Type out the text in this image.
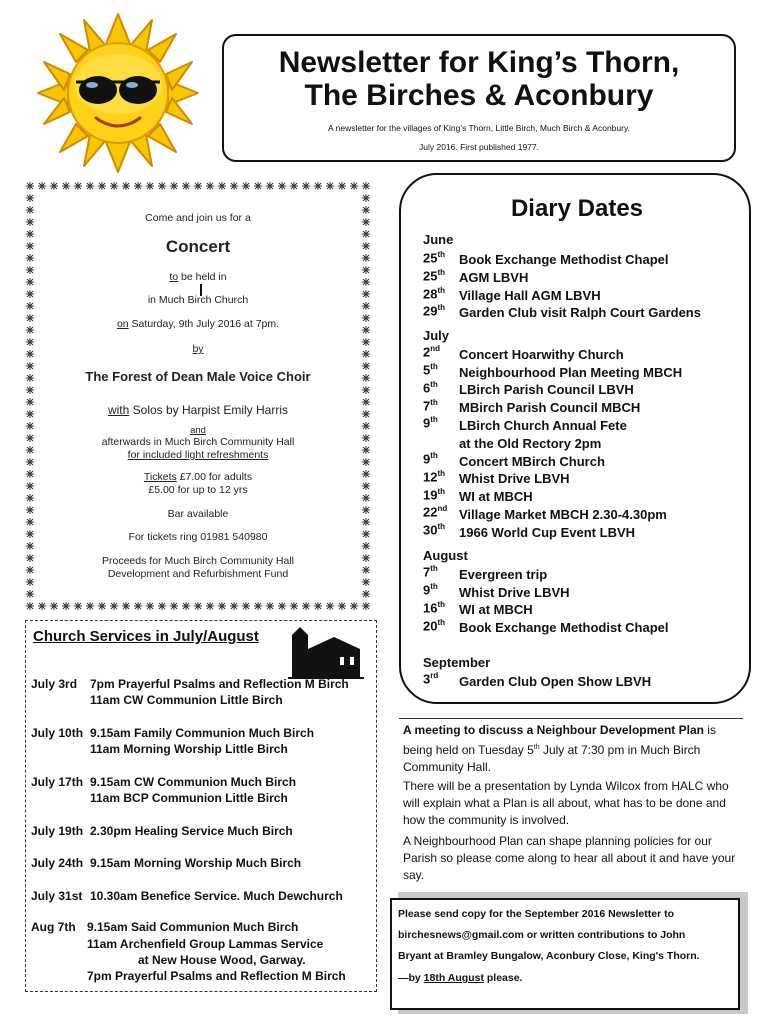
Newsletter for King’s Thorn,
The Birches & Aconbury
A newsletter for the villages of King’s Thorn, Little Birch, Much Birch & Aconbury.
July 2016. First published 1977.
Come and join us for a
Concert
to be held in
in Much Birch Church
on Saturday, 9th July 2016 at 7pm.
by
The Forest of Dean Male Voice Choir
with Solos by Harpist Emily Harris
and
afterwards in Much Birch Community Hall
for included light refreshments
Tickets £7.00 for adults
£5.00 for up to 12 yrs
Bar available
For tickets ring 01981 540980
Proceeds for Much Birch Community Hall
Development and Refurbishment Fund
Diary Dates
June
25th Book Exchange Methodist Chapel
25th AGM LBVH
28th Village Hall AGM LBVH
29th Garden Club visit Ralph Court Gardens
July
2nd Concert Hoarwithy Church
5th Neighbourhood Plan Meeting MBCH
6th LBirch Parish Council LBVH
7th MBirch Parish Council MBCH
9th LBirch Church Annual Fete
at the Old Rectory 2pm
9th Concert MBirch Church
12th Whist Drive LBVH
19th WI at MBCH
22nd Village Market MBCH 2.30-4.30pm
30th 1966 World Cup Event LBVH
August
7th Evergreen trip
9th Whist Drive LBVH
16th WI at MBCH
20th Book Exchange Methodist Chapel
September
3rd Garden Club Open Show LBVH
Church Services in July/August
July 3rd 7pm Prayerful Psalms and Reflection M Birch
11am CW Communion Little Birch
July 10th 9.15am Family Communion Much Birch
11am Morning Worship Little Birch
July 17th 9.15am CW Communion Much Birch
11am BCP Communion Little Birch
July 19th 2.30pm Healing Service Much Birch
July 24th 9.15am Morning Worship Much Birch
July 31st 10.30am Benefice Service. Much Dewchurch
Aug 7th 9.15am Said Communion Much Birch
11am Archenfield Group Lammas Service
at New House Wood, Garway.
7pm Prayerful Psalms and Reflection M Birch
A meeting to discuss a Neighbour Development Plan is being held on Tuesday 5th July at 7:30 pm in Much Birch Community Hall.
There will be a presentation by Lynda Wilcox from HALC who will explain what a Plan is all about, what has to be done and how the community is involved.
A Neighbourhood Plan can shape planning policies for our Parish so please come along to hear all about it and have your say.
Please send copy for the September 2016 Newsletter to
birchesnews@gmail.com or written contributions to John
Bryant at Bramley Bungalow, Aconbury Close, King's Thorn.
—by 18th August please.
